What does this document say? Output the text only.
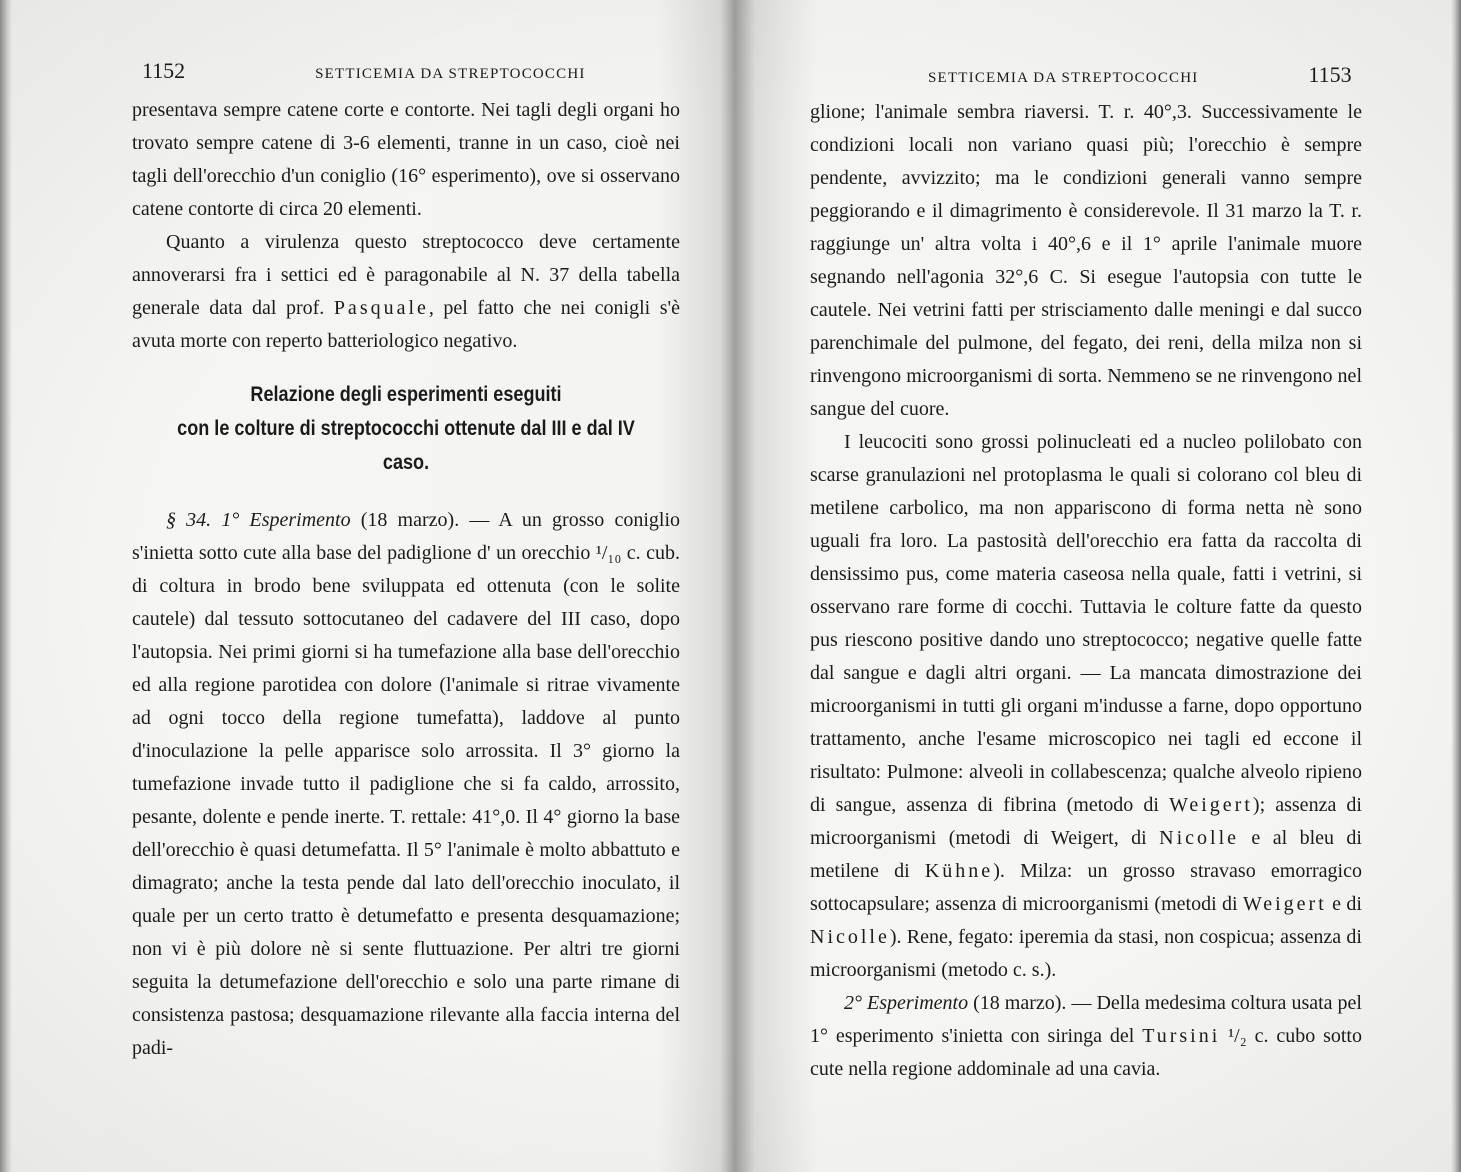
1152	SETTICEMIA DA STREPTOCOCCHI

presentava sempre catene corte e contorte. Nei tagli degli organi ho trovato sempre catene di 3-6 elementi, tranne in un caso, cioè nei tagli dell'orecchio d'un coniglio (16° esperimento), ove si osservano catene contorte di circa 20 elementi.

Quanto a virulenza questo streptococco deve certamente annoverarsi fra i settici ed è paragonabile al N. 37 della tabella generale data dal prof. Pasquale, pel fatto che nei conigli s'è avuta morte con reperto batteriologico negativo.

Relazione degli esperimenti eseguiti
con le colture di streptococchi ottenute dal III e dal IV caso.

§ 34. 1° Esperimento (18 marzo). — A un grosso coniglio s'inietta sotto cute alla base del padiglione d' un orecchio ¹/₁₀ c. cub. di coltura in brodo bene sviluppata ed ottenuta (con le solite cautele) dal tessuto sottocutaneo del cadavere del III caso, dopo l'autopsia. Nei primi giorni si ha tumefazione alla base dell'orecchio ed alla regione parotidea con dolore (l'animale si ritrae vivamente ad ogni tocco della regione tumefatta), laddove al punto d'inoculazione la pelle apparisce solo arrossita. Il 3° giorno la tumefazione invade tutto il padiglione che si fa caldo, arrossito, pesante, dolente e pende inerte. T. rettale: 41°,0. Il 4° giorno la base dell'orecchio è quasi detumefatta. Il 5° l'animale è molto abbattuto e dimagrato; anche la testa pende dal lato dell'orecchio inoculato, il quale per un certo tratto è detumefatto e presenta desquamazione; non vi è più dolore nè si sente fluttuazione. Per altri tre giorni seguita la detumefazione dell'orecchio e solo una parte rimane di consistenza pastosa; desquamazione rilevante alla faccia interna del padi-

SETTICEMIA DA STREPTOCOCCHI	1153

glione; l'animale sembra riaversi. T. r. 40°,3. Successivamente le condizioni locali non variano quasi più; l'orecchio è sempre pendente, avvizzito; ma le condizioni generali vanno sempre peggiorando e il dimagrimento è considerevole. Il 31 marzo la T. r. raggiunge un' altra volta i 40°,6 e il 1° aprile l'animale muore segnando nell'agonia 32°,6 C. Si esegue l'autopsia con tutte le cautele. Nei vetrini fatti per strisciamento dalle meningi e dal succo parenchimale del pulmone, del fegato, dei reni, della milza non si rinvengono microorganismi di sorta. Nemmeno se ne rinvengono nel sangue del cuore.

I leucociti sono grossi polinucleati ed a nucleo polilobato con scarse granulazioni nel protoplasma le quali si colorano col bleu di metilene carbolico, ma non appariscono di forma netta nè sono uguali fra loro. La pastosità dell'orecchio era fatta da raccolta di densissimo pus, come materia caseosa nella quale, fatti i vetrini, si osservano rare forme di cocchi. Tuttavia le colture fatte da questo pus riescono positive dando uno streptococco; negative quelle fatte dal sangue e dagli altri organi. — La mancata dimostrazione dei microorganismi in tutti gli organi m'indusse a farne, dopo opportuno trattamento, anche l'esame microscopico nei tagli ed eccone il risultato: Pulmone: alveoli in collabescenza; qualche alveolo ripieno di sangue, assenza di fibrina (metodo di Weigert); assenza di microorganismi (metodi di Weigert, di Nicolle e al bleu di metilene di Kühne). Milza: un grosso stravaso emorragico sottocapsulare; assenza di microorganismi (metodi di Weigert e di Nicolle). Rene, fegato: iperemia da stasi, non cospicua; assenza di microorganismi (metodo c. s.).

2° Esperimento (18 marzo). — Della medesima coltura usata pel 1° esperimento s'inietta con siringa del Tursini ¹/₂ c. cubo sotto cute nella regione addominale ad una cavia.
